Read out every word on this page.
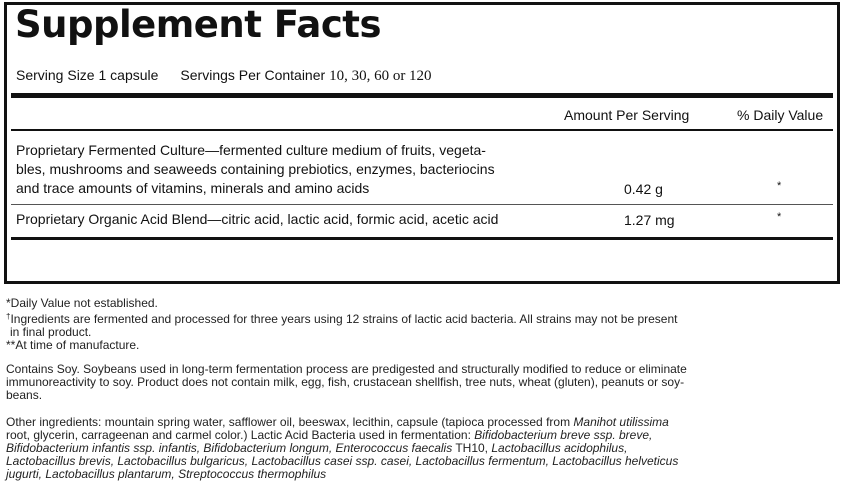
Supplement Facts
Serving Size 1 capsule Servings Per Container 10, 30, 60 or 120
Amount Per Serving	% Daily Value
Proprietary Fermented Culture—fermented culture medium of fruits, vegeta-
bles, mushrooms and seaweeds containing prebiotics, enzymes, bacteriocins
and trace amounts of vitamins, minerals and amino acids	0.42 g	*
Proprietary Organic Acid Blend—citric acid, lactic acid, formic acid, acetic acid	1.27 mg	*
*Daily Value not established.
†Ingredients are fermented and processed for three years using 12 strains of lactic acid bacteria. All strains may not be present
in final product.
**At time of manufacture.
Contains Soy. Soybeans used in long-term fermentation process are predigested and structurally modified to reduce or eliminate
immunoreactivity to soy. Product does not contain milk, egg, fish, crustacean shellfish, tree nuts, wheat (gluten), peanuts or soy-
beans.
Other ingredients: mountain spring water, safflower oil, beeswax, lecithin, capsule (tapioca processed from Manihot utilissima
root, glycerin, carrageenan and carmel color.) Lactic Acid Bacteria used in fermentation: Bifidobacterium breve ssp. breve,
Bifidobacterium infantis ssp. infantis, Bifidobacterium longum, Enterococcus faecalis TH10, Lactobacillus acidophilus,
Lactobacillus brevis, Lactobacillus bulgaricus, Lactobacillus casei ssp. casei, Lactobacillus fermentum, Lactobacillus helveticus
jugurti, Lactobacillus plantarum, Streptococcus thermophilus
